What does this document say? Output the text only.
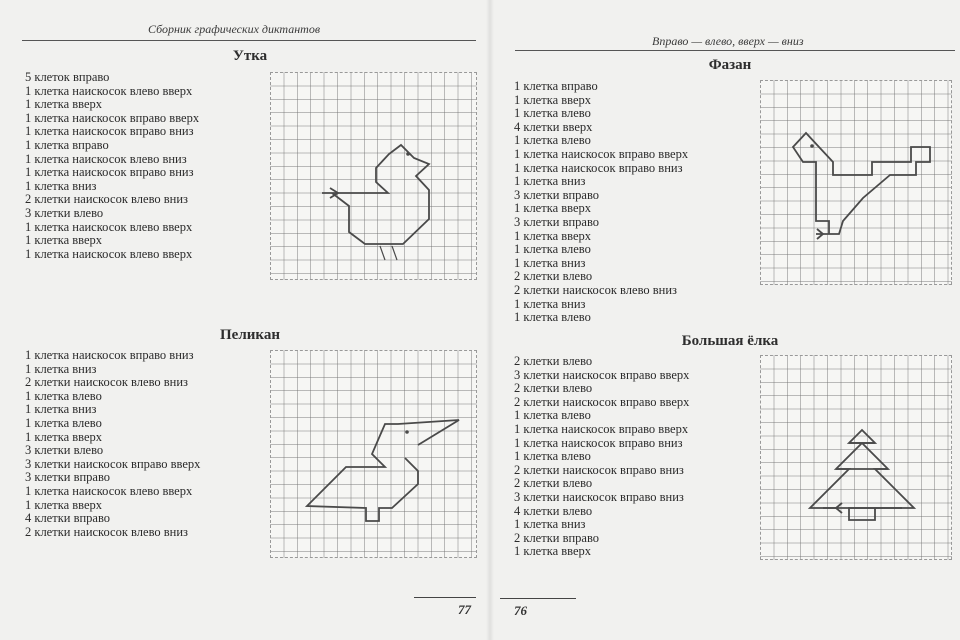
Сборник графических диктантов
Утка
5 клеток вправо
1 клетка наискосок влево вверх
1 клетка вверх
1 клетка наискосок вправо вверх
1 клетка наискосок вправо вниз
1 клетка вправо
1 клетка наискосок влево вниз
1 клетка наискосок вправо вниз
1 клетка вниз
2 клетки наискосок влево вниз
3 клетки влево
1 клетка наискосок влево вверх
1 клетка вверх
1 клетка наискосок влево вверх
Пеликан
1 клетка наискосок вправо вниз
1 клетка вниз
2 клетки наискосок влево вниз
1 клетка влево
1 клетка вниз
1 клетка влево
1 клетка вверх
3 клетки влево
3 клетки наискосок вправо вверх
3 клетки вправо
1 клетка наискосок влево вверх
1 клетка вверх
4 клетки вправо
2 клетки наискосок влево вниз
77
Вправо — влево, вверх — вниз
Фазан
1 клетка вправо
1 клетка вверх
1 клетка влево
4 клетки вверх
1 клетка влево
1 клетка наискосок вправо вверх
1 клетка наискосок вправо вниз
1 клетка вниз
3 клетки вправо
1 клетка вверх
3 клетки вправо
1 клетка вверх
1 клетка влево
1 клетка вниз
2 клетки влево
2 клетки наискосок влево вниз
1 клетка вниз
1 клетка влево
Большая ёлка
2 клетки влево
3 клетки наискосок вправо вверх
2 клетки влево
2 клетки наискосок вправо вверх
1 клетка влево
1 клетка наискосок вправо вверх
1 клетка наискосок вправо вниз
1 клетка влево
2 клетки наискосок вправо вниз
2 клетки влево
3 клетки наискосок вправо вниз
4 клетки влево
1 клетка вниз
2 клетки вправо
1 клетка вверх
76
